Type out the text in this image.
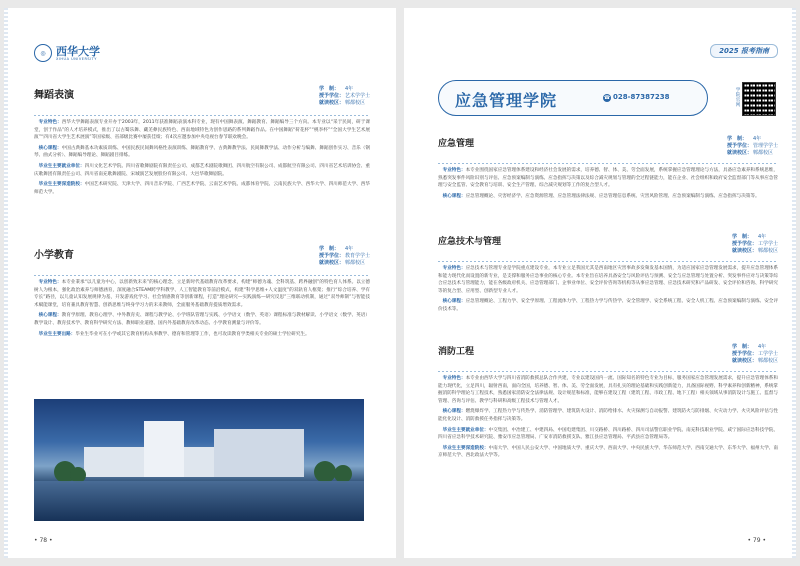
◎ 西华大学
XIHUA UNIVERSITY
舞蹈表演
学　制： 4年
授予学位：艺术学学士
就读校区：郫都校区

专业特色：西华大学舞蹈表演专业开办于2003年，2011年获准舞蹈表演本科专业，现有中国舞表演、舞蹈教育、舞蹈编导三个方向。本专业以“采于民间，研于课堂，创于作品”的人才培养模式，推出了以古蜀乐舞、藏羌彝民族特色、西南地域特色为创作思路的系列舞蹈作品。在中国舞蹈“荷花杯”“桃李杯”“全国大学生艺术展演”“四川省大学生艺术展演”等国家级、省部级比赛中屡获佳绩；有4次应邀参加中央电视台春节联欢晚会。

核心课程：中国古典舞基本功素质训练、中国民族民间舞风格性表演训练、舞蹈教育学、古典舞教学法、民间舞教学法、动作分析与编舞、舞蹈创作实习、音乐（钢琴、曲式分析）、舞蹈编导理论、舞蹈剧目排练。

毕业生主要就业单位：四川文化艺术学院、四川省歌舞剧院有限责任公司、成都艺术剧院歌舞团、四川航空有限公司、成都航空有限公司、四川省艺术培训协会、重庆歌舞团有限责任公司、四川省南充歌舞剧院、宋城演艺发展股份有限公司、大邑华歌舞剧院。

毕业生主要深造院校：中国艺术研究院、天津大学、四川音乐学院、广西艺术学院、云南艺术学院、成都体育学院、云南民族大学、西华大学、四川师范大学、西华师范大学。

小学教育
学　制： 4年
授予学位：教育学学士
就读校区：郫都校区

专业特色：本专业秉承“以儿童为中心，以创新致未来”的核心理念，立足新时代基础教育改革要求，构建“师德为魂、全科筑基、跨界融创”的特色育人体系。以立德树人为根本，强化政治素养与师德涵育，深度融合STEAM跨学科教学、人工智能教育等前沿模式，构建“科学思维+人文温度”的双轨育人框架；推行“综合培养、学有专长”路径，以儿童认知发展规律为基，开发游戏化学习、社会情感教育等创新课程，打造“理论研究—实践演练—研究反思”三维联动机制，通过“双导师制”与智能技术赋能课堂，培育兼具教育智慧、创新思维与终身学习力的未来教师，全面服务基础教育提质增效需求。

核心课程：教育学原理、教育心理学、中外教育史、课程与教学论、小学班队管理与实践、小学语文（数学、英语）课程标准与教材解读、小学语文（数学、英语）教学设计、教育技术学、教育科学研究方法、教师职业道德、国内外基础教育改革动态、小学教育测量与评价等。

毕业生主要出路：毕业生毕业可在小学或其它教育机构从事教学、德育和管理等工作，也可攻读教育学类相关专业的硕士学位研究生。

• 78 •
2025 报考指南
应急管理学院	☎ 028-87387238
学院官网
应急管理	学　制： 4年
授予学位：管理学学士
就读校区：郫都校区

专业特色：本专业围绕国家应急管理体系建设和经济社会发展的需求，培养德、智、体、美、劳全面发展，系统掌握应急管理理论与方法，具备应急素养和系统思维，熟悉突发事件风险识别与评估、应急预案编制与演练、应急指挥与决策以及综合减灾规划与管理的全过程链能力，能在企业、社会组织和政府安全监督部门等从事应急管理与安全监管、安全教育与培训、安全生产管理、综合减灾规划等工作的复合型人才。

核心课程：应急管理概论、灾害经济学、应急资源管理、应急管理法律法规、应急管理信息系统、灾害风险管理、应急预案编制与演练、应急指挥与决策等。

应急技术与管理	学　制： 4年
授予学位：工学学士
就读校区：郫都校区

专业特色：应急技术与管理专业是学院重点建设专业，本专业立足我国尤其是西南地区灾害事故多发频发基本国情，为适应国家应急管理发展需求，提升应急管理体系和能力现代化而设置的新专业，是支撑和服务应急事业的核心专业。本专业旨在培养具备安全与风险评估与预测、安全与应急管理与处置分析、突发事件应对与决策等综合应急技术与管理能力，能在各级政府机关、应急管理部门、企事业单位、安全评价咨询等机构等从事应急管理、应急技术研究和产品研发、安全评价和咨询、科学研究等的复合型、应用型、创新型专业人才。

核心课程：应急管理概论、工程力学、安全学原理、工程流体力学、工程热力学与传热学、安全管理学、安全系统工程、安全人机工程、应急预案编制与演练、安全评价技术等。

消防工程	学　制： 4年
授予学位：工学学士
就读校区：郫都校区

专业特色：本专业由西华大学与四川省消防救援总队合作共建，专业以建设国内一流、国际知名的特色专业为目标，服务国家应急管理发展需求，提升应急管理体系和能力现代化，立足四川，辐射西南，面向全国，培养德、智、体、美、劳全面发展，具有扎实的理论基础和实践创新能力，具备国际视野、科学素养和创新精神，系统掌握消防科学理论与工程技术，熟悉国家消防安全法律法规、设计规范和标准，能够在建设工程（建筑工程、市政工程、地下工程）相关领域从事消防设计与施工、监督与管理、咨询与评估、教学与科研和高级工程技术与管理人才。

核心课程：燃烧爆炸学、工程热力学与传热学、消防管理学、建筑防火设计、消防给排水、火灾探测与自动报警、建筑防火与防排烟、火灾动力学、火灾风险评估与性能化化设计、消防救援任务指挥与决策等。

毕业生主要就业单位：中交集团、中冶建工、中建四局、中国电建集团、川交路桥、四川路桥、四川司法警官职业学院、南充科技职业学院、咸宁国际应急科技学院、四川省应急科学技术研究院、雅安市应急管理局、广安市消防救援支队、雅江县应急管理局、平武县应急管理局等。

毕业生主要深造院校：中南大学、中国人民公安大学、中国地质大学、重庆大学、西南大学、中央民族大学、华东师范大学、西南交通大学、东华大学、福州大学、南京师范大学、西北政法大学等。

• 79 •
